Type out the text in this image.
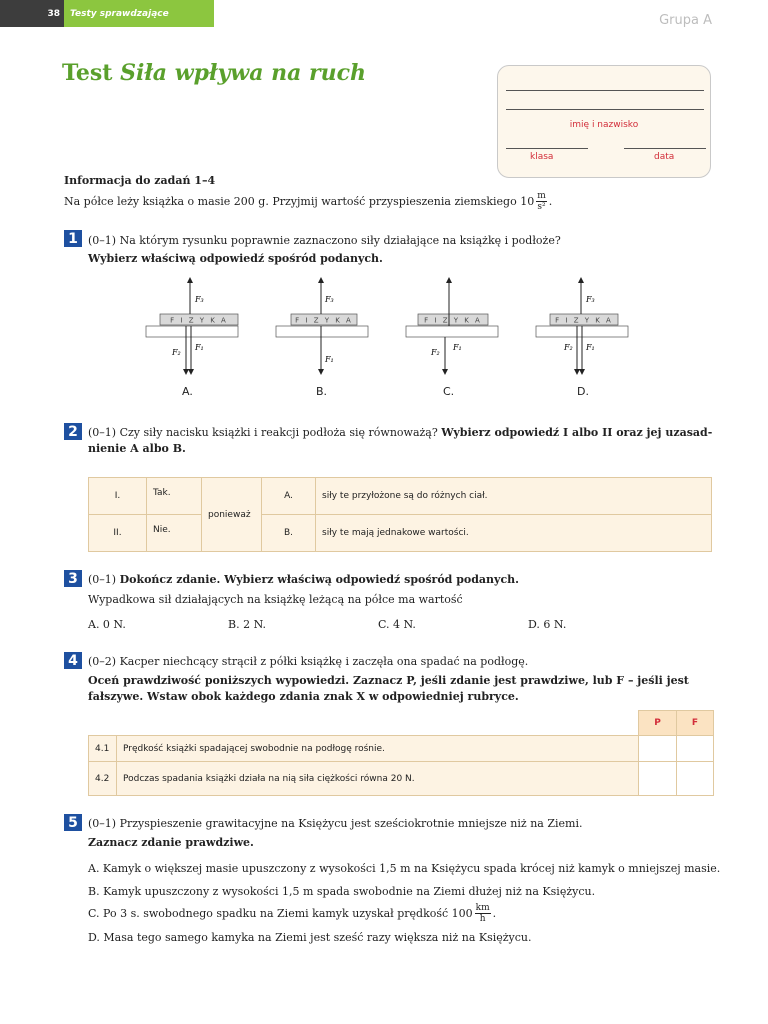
38	Testy sprawdzające	Grupa A
Test Siła wpływa na ruch
imię i nazwisko
klasa	data
Informacja do zadań 1–4
Na półce leży książka o masie 200 g. Przyjmij wartość przyspieszenia ziemskiego $10 \frac{m}{\text{s²}}$ .
1 (0–1) Na którym rysunku poprawnie zaznaczono siły działające na książkę i podłoże?
Wybierz właściwą odpowiedź spośród podanych.
F I Z Y K A
F₃
F₂
F₁
F I Z Y K A
F₃
F₁
F I Z Y K A
F₂
F₁
F I Z Y K A
F₃
F₂ F₁
A.	B.	C.	D.
2 (0–1) Czy siły nacisku książki i reakcji podłoża się równoważą? Wybierz odpowiedź I albo II oraz jej uzasad-
nienie A albo B.
I.	Tak.	ponieważ	A.	siły te przyłożone są do różnych ciał.
II.	Nie.		B.	siły te mają jednakowe wartości.
3 (0–1) Dokończ zdanie. Wybierz właściwą odpowiedź spośród podanych.
Wypadkowa sił działających na książkę leżącą na półce ma wartość
A. 0 N.	B. 2 N.	C. 4 N.	D. 6 N.
4 (0–2) Kacper niechcący strącił z półki książkę i zaczęła ona spadać na podłogę.
Oceń prawdziwość poniższych wypowiedzi. Zaznacz P, jeśli zdanie jest prawdziwe, lub F – jeśli jest
fałszywe. Wstaw obok każdego zdania znak X w odpowiedniej rubryce.
		P	F
4.1	Prędkość książki spadającej swobodnie na podłogę rośnie.		
4.2	Podczas spadania książki działa na nią siła ciężkości równa 20 N.		
5 (0–1) Przyspieszenie grawitacyjne na Księżycu jest sześciokrotnie mniejsze niż na Ziemi.
Zaznacz zdanie prawdziwe.
A. Kamyk o większej masie upuszczony z wysokości 1,5 m na Księżycu spada krócej niż kamyk o mniejszej masie.
B. Kamyk upuszczony z wysokości 1,5 m spada swobodnie na Ziemi dłużej niż na Księżycu.
C. Po 3 s. swobodnego spadku na Ziemi kamyk uzyskał prędkość $100 \frac{km}{h}$ .
D. Masa tego samego kamyka na Ziemi jest sześć razy większa niż na Księżycu.
